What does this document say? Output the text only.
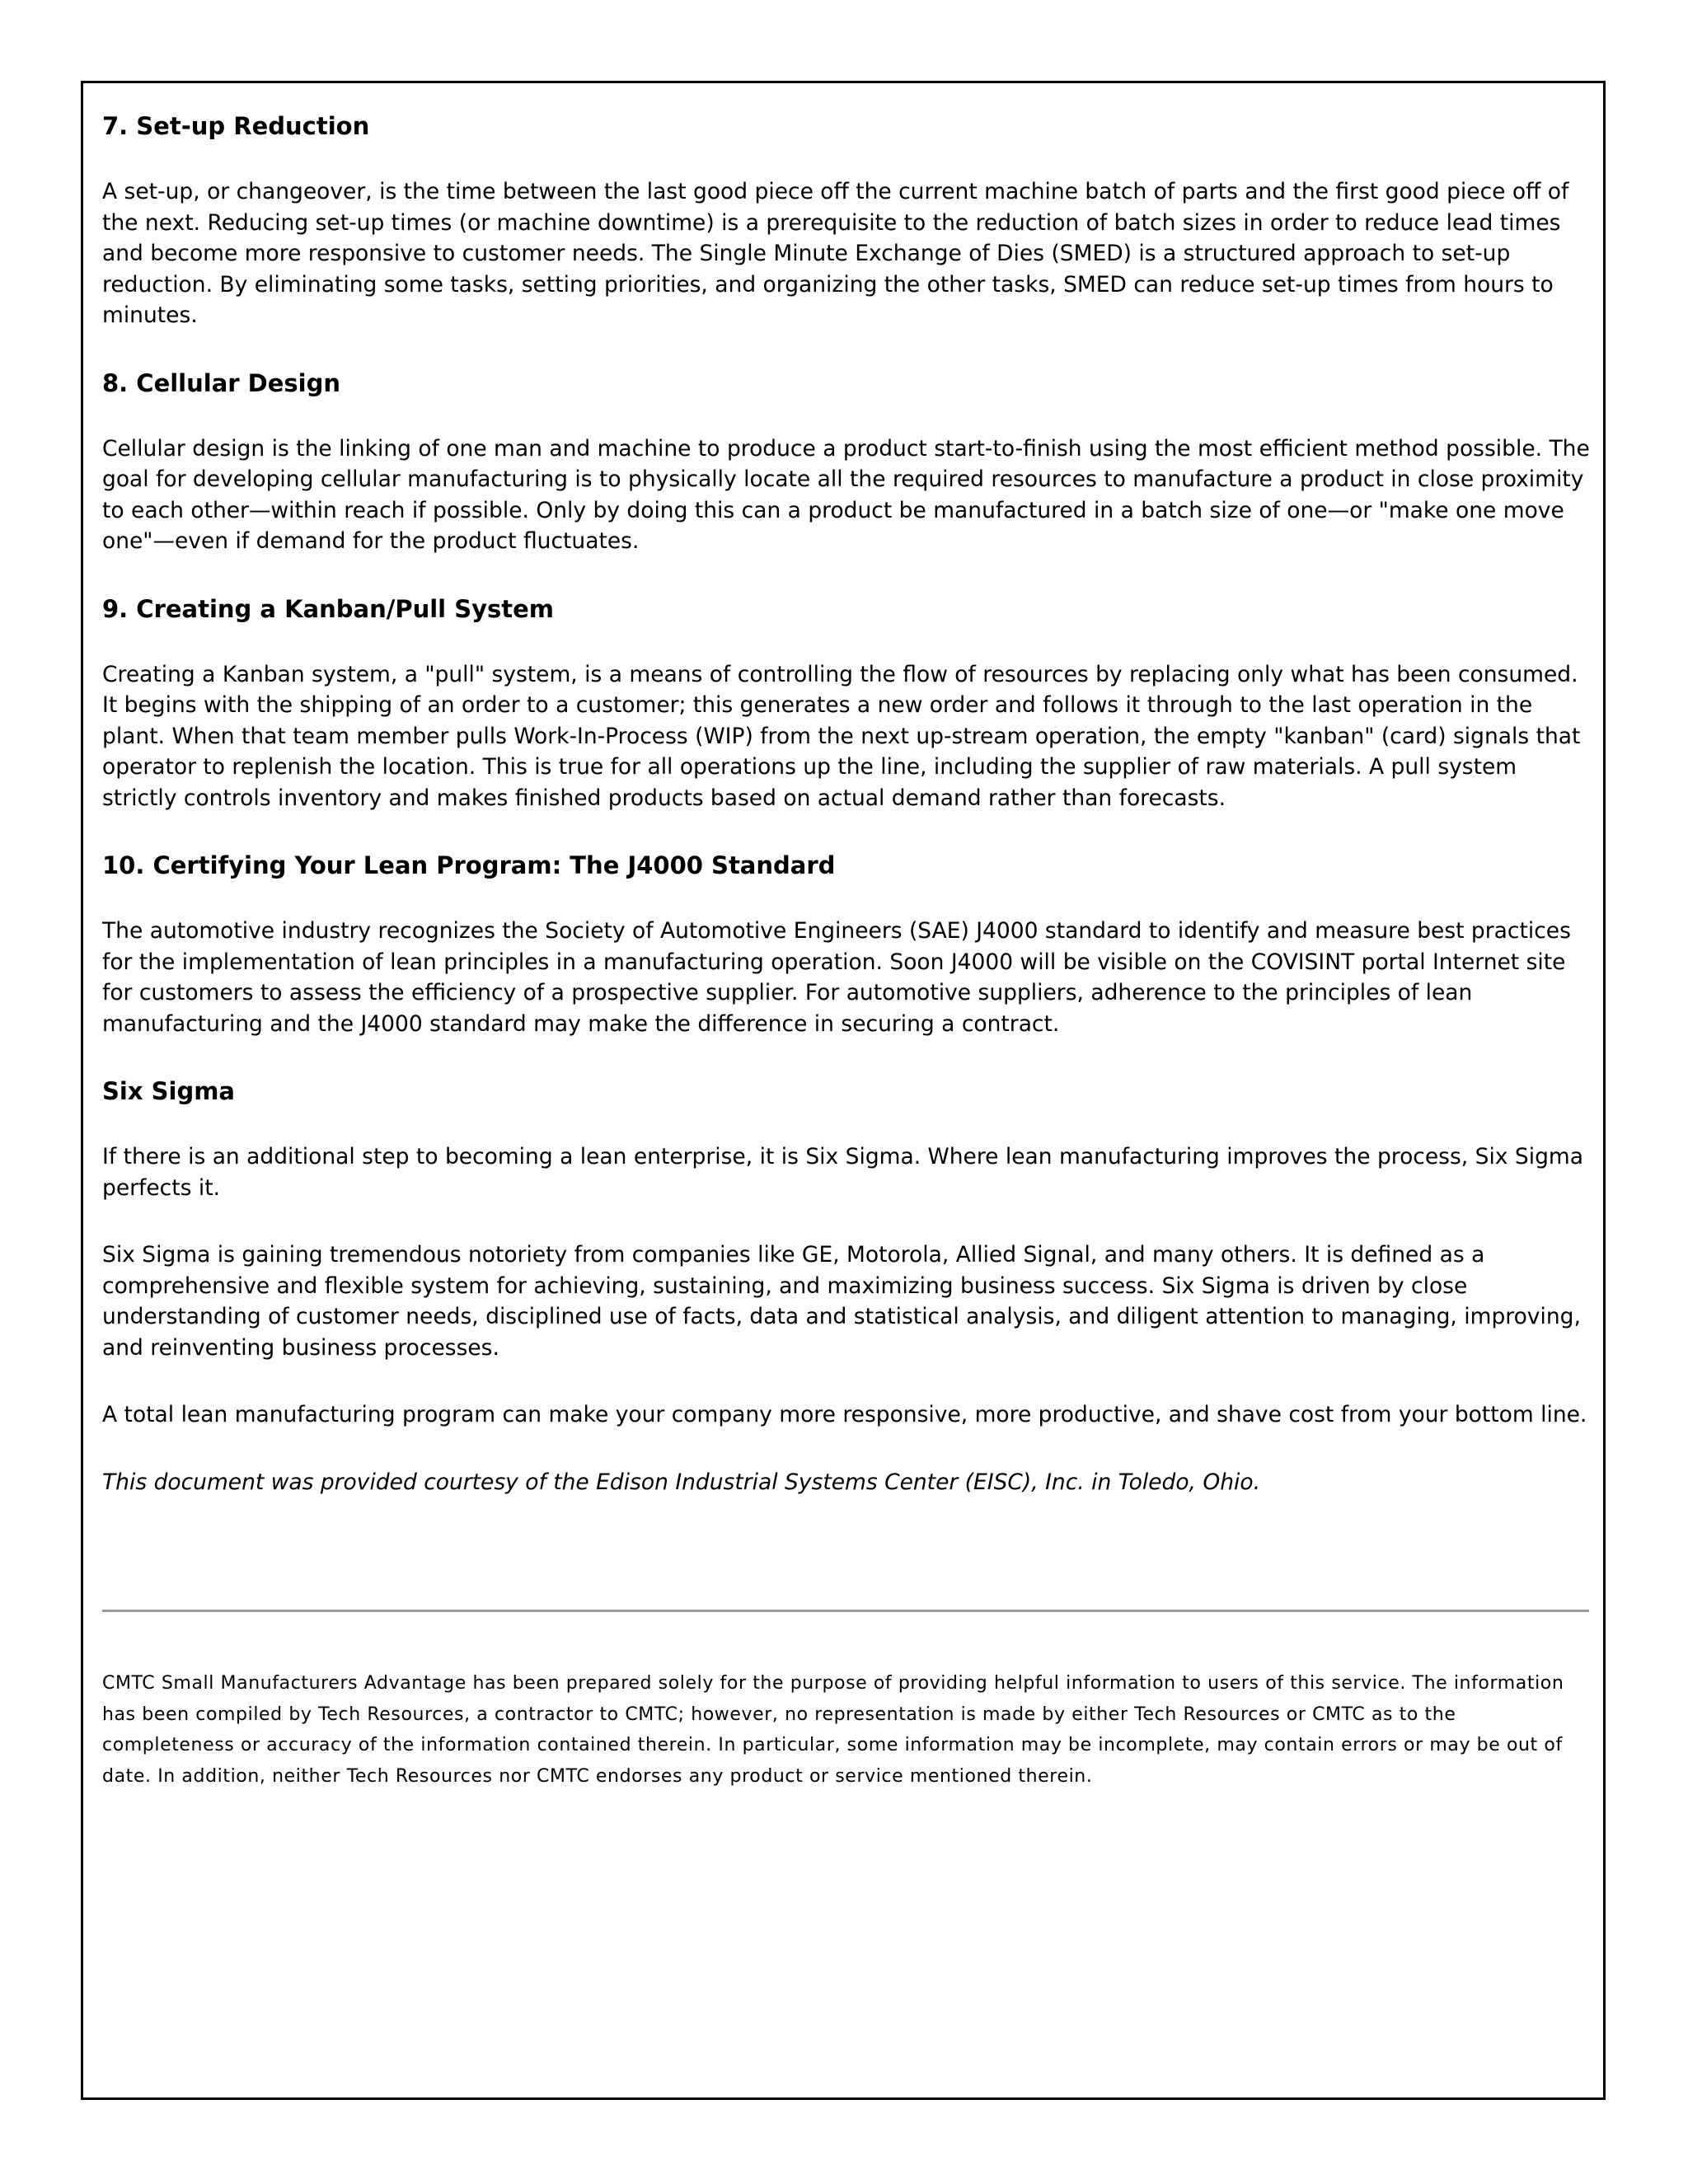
7. Set-up Reduction

A set-up, or changeover, is the time between the last good piece off the current machine batch of parts and the first good piece off of the next. Reducing set-up times (or machine downtime) is a prerequisite to the reduction of batch sizes in order to reduce lead times and become more responsive to customer needs. The Single Minute Exchange of Dies (SMED) is a structured approach to set-up reduction. By eliminating some tasks, setting priorities, and organizing the other tasks, SMED can reduce set-up times from hours to minutes.

8. Cellular Design

Cellular design is the linking of one man and machine to produce a product start-to-finish using the most efficient method possible. The goal for developing cellular manufacturing is to physically locate all the required resources to manufacture a product in close proximity to each other—within reach if possible. Only by doing this can a product be manufactured in a batch size of one—or "make one move one"—even if demand for the product fluctuates.

9. Creating a Kanban/Pull System

Creating a Kanban system, a "pull" system, is a means of controlling the flow of resources by replacing only what has been consumed. It begins with the shipping of an order to a customer; this generates a new order and follows it through to the last operation in the plant. When that team member pulls Work-In-Process (WIP) from the next up-stream operation, the empty "kanban" (card) signals that operator to replenish the location. This is true for all operations up the line, including the supplier of raw materials. A pull system strictly controls inventory and makes finished products based on actual demand rather than forecasts.

10. Certifying Your Lean Program: The J4000 Standard

The automotive industry recognizes the Society of Automotive Engineers (SAE) J4000 standard to identify and measure best practices for the implementation of lean principles in a manufacturing operation. Soon J4000 will be visible on the COVISINT portal Internet site for customers to assess the efficiency of a prospective supplier. For automotive suppliers, adherence to the principles of lean manufacturing and the J4000 standard may make the difference in securing a contract.

Six Sigma

If there is an additional step to becoming a lean enterprise, it is Six Sigma. Where lean manufacturing improves the process, Six Sigma perfects it.

Six Sigma is gaining tremendous notoriety from companies like GE, Motorola, Allied Signal, and many others. It is defined as a comprehensive and flexible system for achieving, sustaining, and maximizing business success. Six Sigma is driven by close understanding of customer needs, disciplined use of facts, data and statistical analysis, and diligent attention to managing, improving, and reinventing business processes.

A total lean manufacturing program can make your company more responsive, more productive, and shave cost from your bottom line.

This document was provided courtesy of the Edison Industrial Systems Center (EISC), Inc. in Toledo, Ohio.

CMTC Small Manufacturers Advantage has been prepared solely for the purpose of providing helpful information to users of this service. The information has been compiled by Tech Resources, a contractor to CMTC; however, no representation is made by either Tech Resources or CMTC as to the completeness or accuracy of the information contained therein. In particular, some information may be incomplete, may contain errors or may be out of date. In addition, neither Tech Resources nor CMTC endorses any product or service mentioned therein.
